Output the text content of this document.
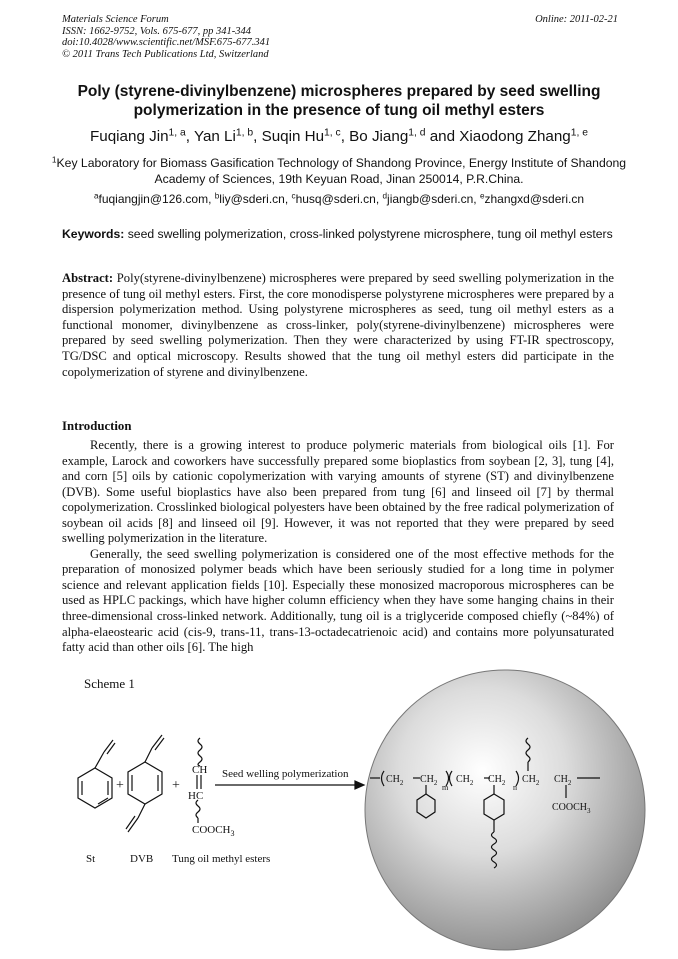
Materials Science Forum
ISSN: 1662-9752, Vols. 675-677, pp 341-344
doi:10.4028/www.scientific.net/MSF.675-677.341
© 2011 Trans Tech Publications Ltd, Switzerland
Online: 2011-02-21
Poly (styrene-divinylbenzene) microspheres prepared by seed swelling polymerization in the presence of tung oil methyl esters
Fuqiang Jin$^{1, a}$, Yan Li$^{1, b}$, Suqin Hu$^{1, c}$, Bo Jiang$^{1, d}$ and Xiaodong Zhang$^{1, e}$
$^1$Key Laboratory for Biomass Gasification Technology of Shandong Province, Energy Institute of Shandong Academy of Sciences, 19th Keyuan Road, Jinan 250014, P.R.China.
$^a$fuqiangjin@126.com, $^b$liy@sderi.cn, $^c$husq@sderi.cn, $^d$jiangb@sderi.cn, $^e$zhangxd@sderi.cn
Keywords: seed swelling polymerization, cross-linked polystyrene microsphere, tung oil methyl esters
Abstract: Poly(styrene-divinylbenzene) microspheres were prepared by seed swelling polymerization in the presence of tung oil methyl esters. First, the core monodisperse polystyrene microspheres were prepared by a dispersion polymerization method. Using polystyrene microspheres as seed, tung oil methyl esters as a functional monomer, divinylbenzene as cross-linker, poly(styrene-divinylbenzene) microspheres were prepared by seed swelling polymerization. Then they were characterized by using FT-IR spectroscopy, TG/DSC and optical microscopy. Results showed that the tung oil methyl esters did participate in the copolymerization of styrene and divinylbenzene.
Introduction

Recently, there is a growing interest to produce polymeric materials from biological oils [1]. For example, Larock and coworkers have successfully prepared some bioplastics from soybean [2, 3], tung [4], and corn [5] oils by cationic copolymerization with varying amounts of styrene (ST) and divinylbenzene (DVB). Some useful bioplastics have also been prepared from tung [6] and linseed oil [7] by thermal copolymerization. Crosslinked biological polyesters have been obtained by the free radical polymerization of soybean oil acids [8] and linseed oil [9]. However, it was not reported that they were prepared by seed swelling polymerization in the literature.

Generally, the seed swelling polymerization is considered one of the most effective methods for the preparation of monosized polymer beads which have been seriously studied for a long time in polymer science and relevant application fields [10]. Especially these monosized macroporous microspheres can be used as HPLC packings, which have higher column efficiency when they have some hanging chains in their three-dimensional cross-linked network. Additionally, tung oil is a triglyceride composed chiefly (~84%) of alpha-elaeostearic acid (cis-9, trans-11, trans-13-octadecatrienoic acid) and contains more polyunsaturated fatty acid than other oils [6]. The high

Scheme 1
+	+
CH
HC
$COOCH_3$
Seed welling polymerization	$CH_2$ $CH_2$ m
$CH_2$ $CH_2$ n
$CH_2$ $CH_2$
$COOCH_3$
St	DVB Tung oil methyl esters
